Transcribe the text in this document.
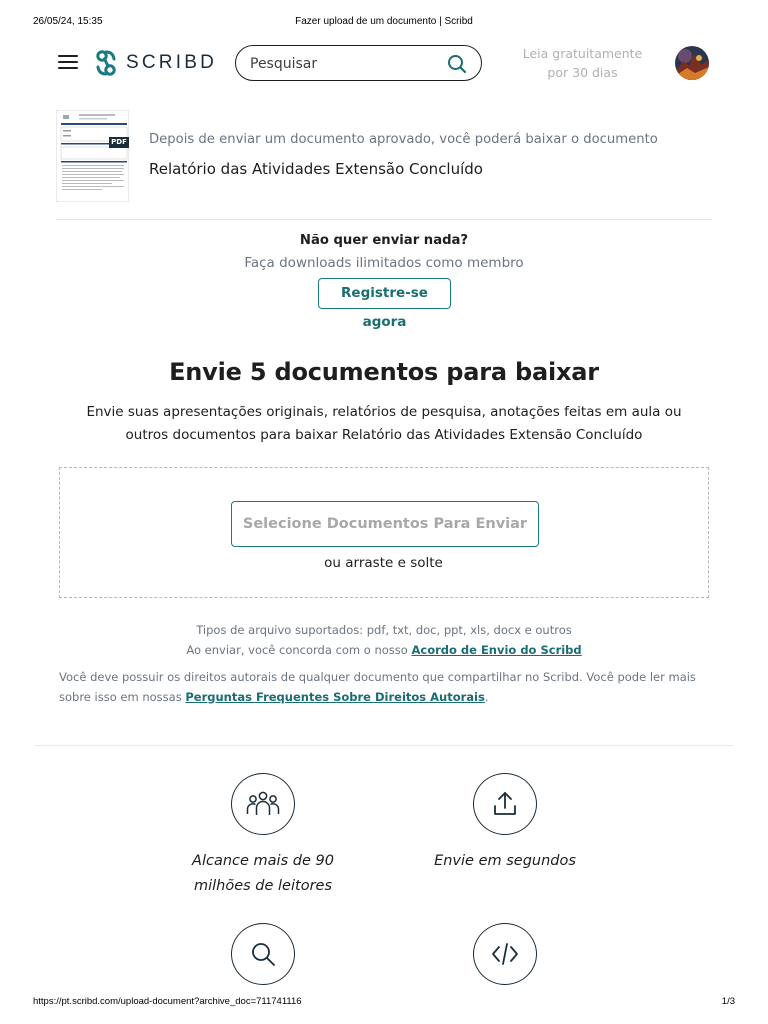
26/05/24, 15:35	Fazer upload de um documento | Scribd
SCRIBD
Pesquisar	Leia gratuitamente
por 30 dias
PDF Depois de enviar um documento aprovado, você poderá baixar o documento
Relatório das Atividades Extensão Concluído
Não quer enviar nada?
Faça downloads ilimitados como membro
Registre-se agora
Envie 5 documentos para baixar

Envie suas apresentações originais, relatórios de pesquisa, anotações feitas em aula ou outros documentos para baixar Relatório das Atividades Extensão Concluído

Selecione Documentos Para Enviar
ou arraste e solte
Tipos de arquivo suportados: pdf, txt, doc, ppt, xls, docx e outros
Ao enviar, você concorda com o nosso Acordo de Envio do Scribd
Você deve possuir os direitos autorais de qualquer documento que compartilhar no Scribd. Você pode ler mais sobre isso em nossas Perguntas Frequentes Sobre Direitos Autorais.
Alcance mais de 90
milhões de leitores
Envie em segundos
https://pt.scribd.com/upload-document?archive_doc=711741116	1/3
